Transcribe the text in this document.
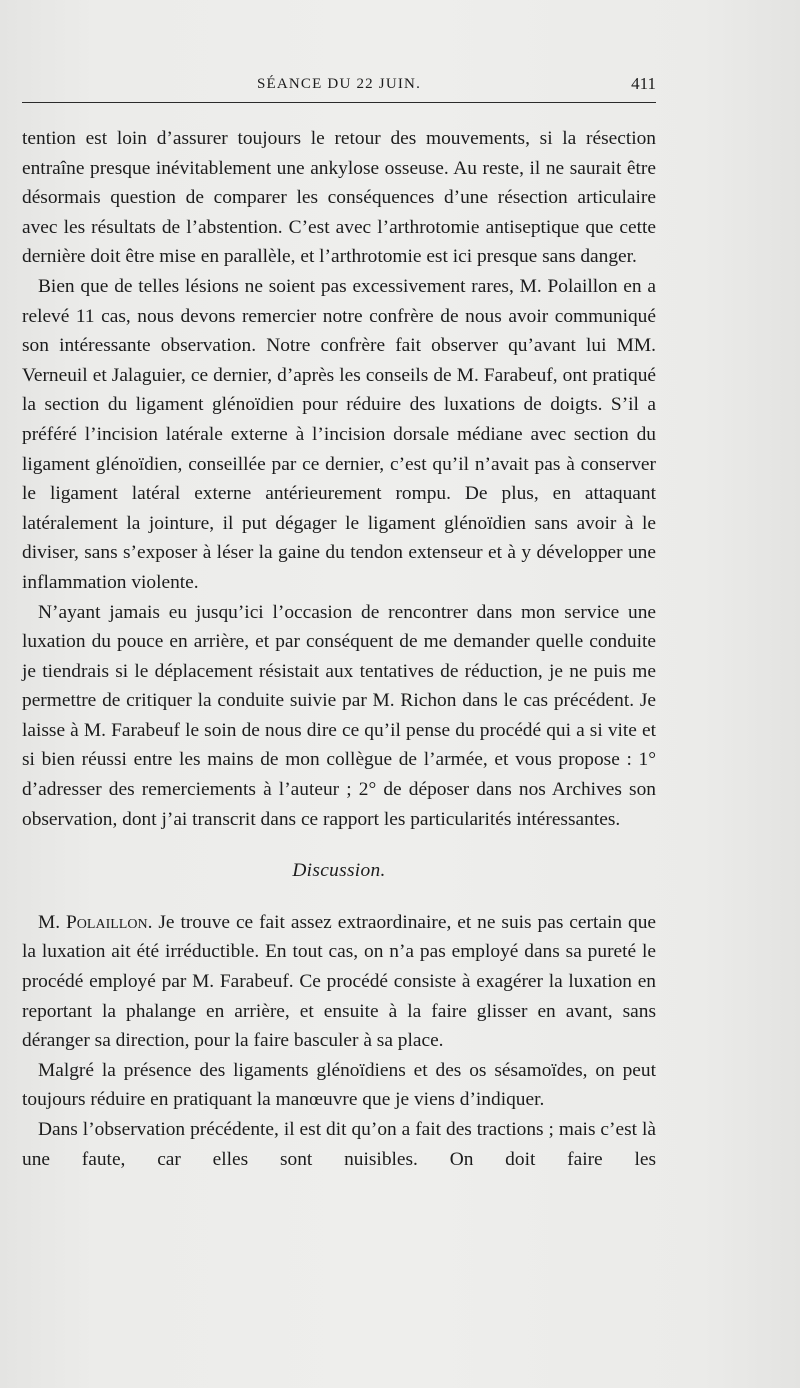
SÉANCE DU 22 JUIN.	411

tention est loin d’assurer toujours le retour des mouvements, si la résection entraîne presque inévitablement une ankylose osseuse. Au reste, il ne saurait être désormais question de comparer les conséquences d’une résection articulaire avec les résultats de l’abstention. C’est avec l’arthrotomie antiseptique que cette dernière doit être mise en parallèle, et l’arthrotomie est ici presque sans danger.

Bien que de telles lésions ne soient pas excessivement rares, M. Polaillon en a relevé 11 cas, nous devons remercier notre confrère de nous avoir communiqué son intéressante observation. Notre confrère fait observer qu’avant lui MM. Verneuil et Jalaguier, ce dernier, d’après les conseils de M. Farabeuf, ont pratiqué la section du ligament glénoïdien pour réduire des luxations de doigts. S’il a préféré l’incision latérale externe à l’incision dorsale médiane avec section du ligament glénoïdien, conseillée par ce dernier, c’est qu’il n’avait pas à conserver le ligament latéral externe antérieurement rompu. De plus, en attaquant latéralement la jointure, il put dégager le ligament glénoïdien sans avoir à le diviser, sans s’exposer à léser la gaine du tendon extenseur et à y développer une inflammation violente.

N’ayant jamais eu jusqu’ici l’occasion de rencontrer dans mon service une luxation du pouce en arrière, et par conséquent de me demander quelle conduite je tiendrais si le déplacement résistait aux tentatives de réduction, je ne puis me permettre de critiquer la conduite suivie par M. Richon dans le cas précédent. Je laisse à M. Farabeuf le soin de nous dire ce qu’il pense du procédé qui a si vite et si bien réussi entre les mains de mon collègue de l’armée, et vous propose : 1° d’adresser des remerciements à l’auteur ; 2° de déposer dans nos Archives son observation, dont j’ai transcrit dans ce rapport les particularités intéressantes.

Discussion.

M. Polaillon. Je trouve ce fait assez extraordinaire, et ne suis pas certain que la luxation ait été irréductible. En tout cas, on n’a pas employé dans sa pureté le procédé employé par M. Farabeuf. Ce procédé consiste à exagérer la luxation en reportant la phalange en arrière, et ensuite à la faire glisser en avant, sans déranger sa direction, pour la faire basculer à sa place.

Malgré la présence des ligaments glénoïdiens et des os sésamoïdes, on peut toujours réduire en pratiquant la manœuvre que je viens d’indiquer.

Dans l’observation précédente, il est dit qu’on a fait des tractions ; mais c’est là une faute, car elles sont nuisibles. On doit faire les
